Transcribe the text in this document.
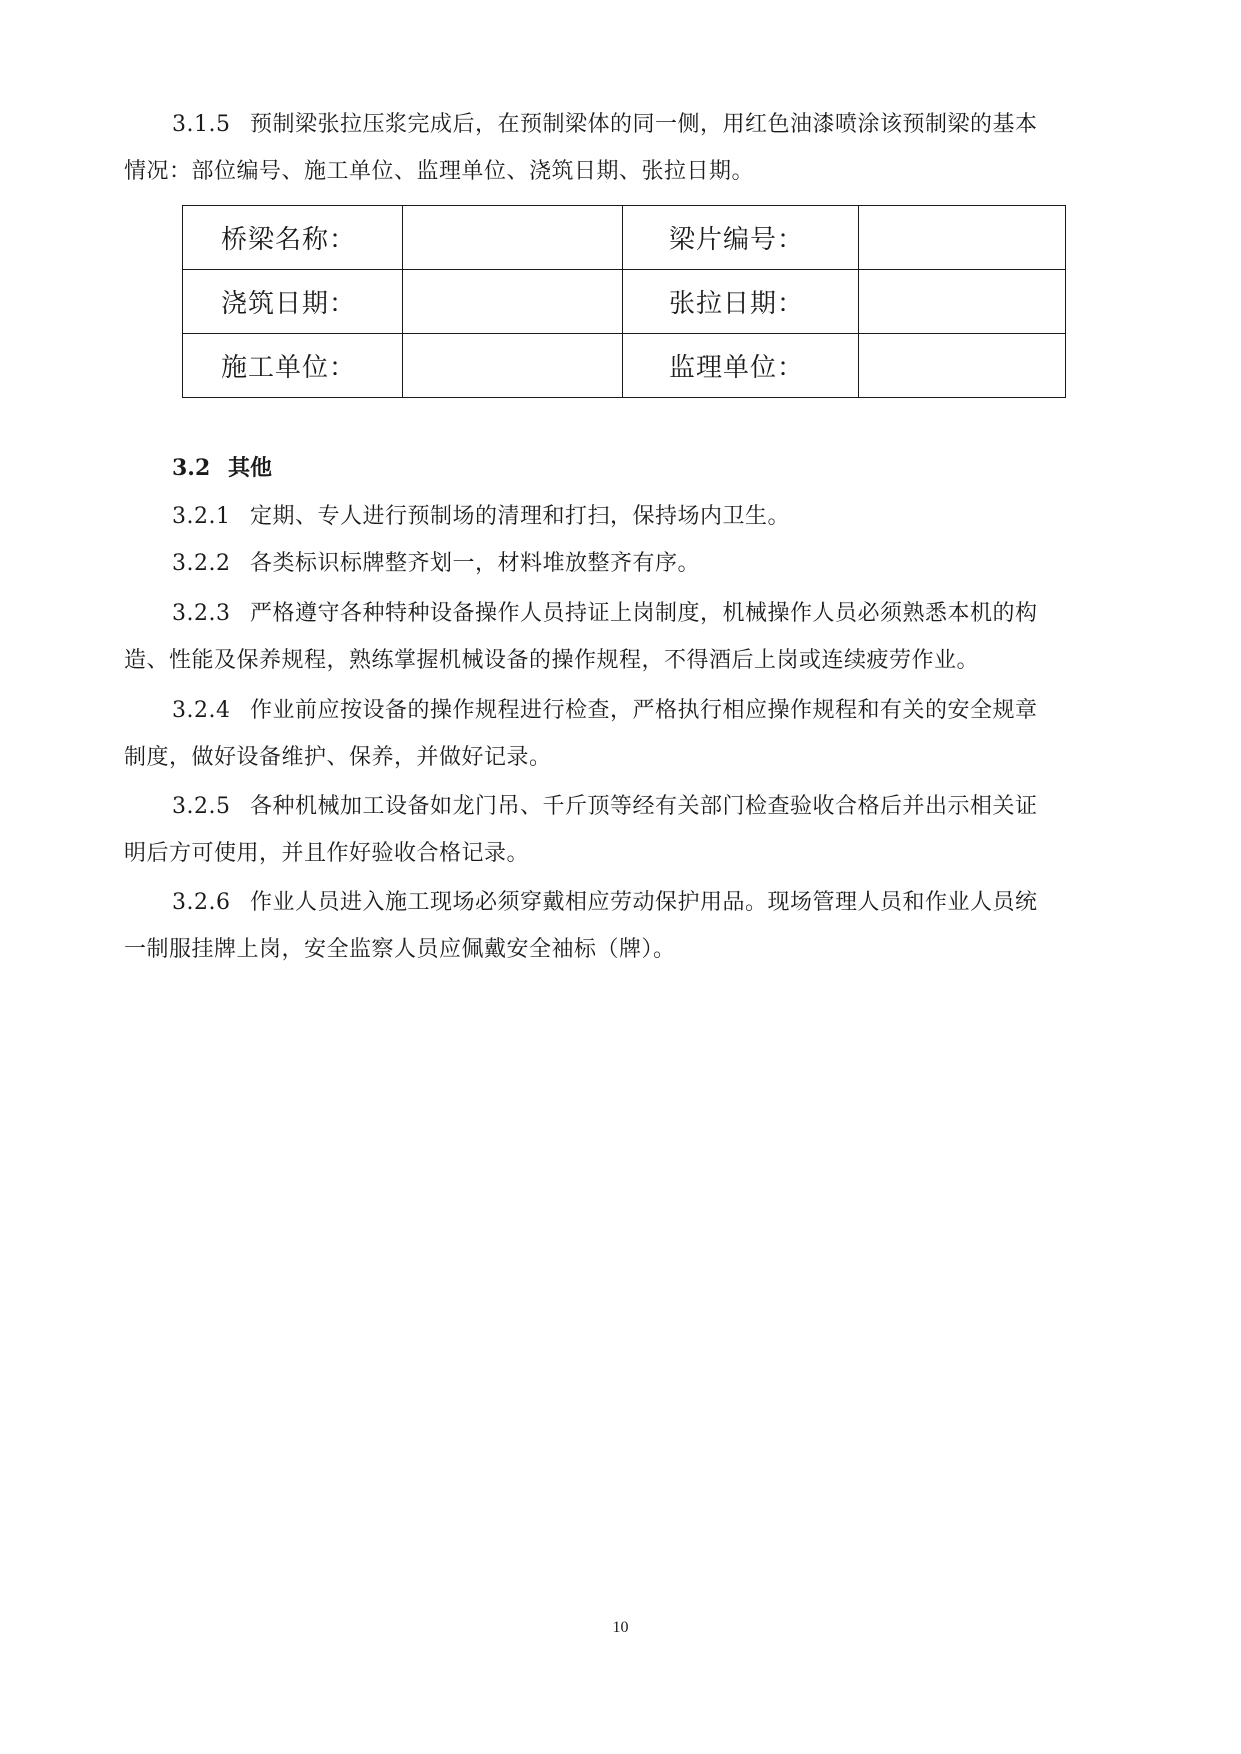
3.1.5 预制梁张拉压浆完成后，在预制梁体的同一侧，用红色油漆喷涂该预制梁的基本
情况：部位编号、施工单位、监理单位、浇筑日期、张拉日期。

桥梁名称：		梁片编号：	
浇筑日期：		张拉日期：	
施工单位：		监理单位：	
3.2 其他

3.2.1 定期、专人进行预制场的清理和打扫，保持场内卫生。

3.2.2 各类标识标牌整齐划一，材料堆放整齐有序。

3.2.3 严格遵守各种特种设备操作人员持证上岗制度，机械操作人员必须熟悉本机的构
造、性能及保养规程，熟练掌握机械设备的操作规程，不得酒后上岗或连续疲劳作业。

3.2.4 作业前应按设备的操作规程进行检查，严格执行相应操作规程和有关的安全规章
制度，做好设备维护、保养，并做好记录。

3.2.5 各种机械加工设备如龙门吊、千斤顶等经有关部门检查验收合格后并出示相关证
明后方可使用，并且作好验收合格记录。

3.2.6 作业人员进入施工现场必须穿戴相应劳动保护用品。现场管理人员和作业人员统
一制服挂牌上岗，安全监察人员应佩戴安全袖标（牌）。

10
